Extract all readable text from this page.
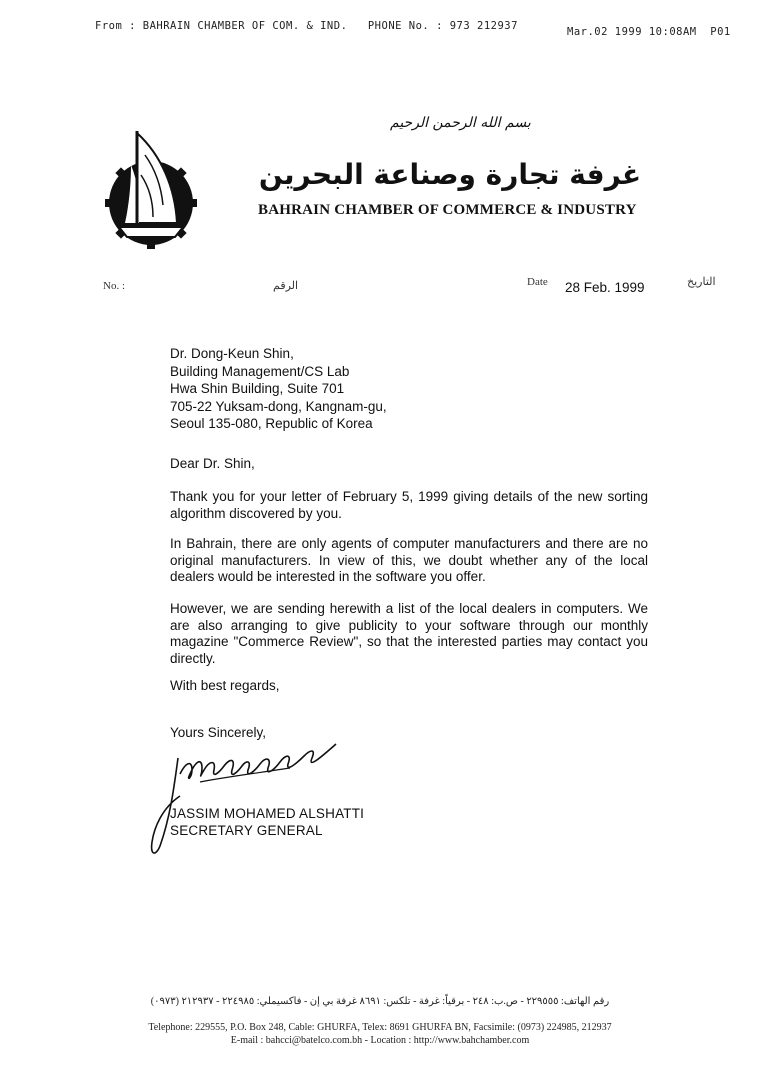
From : BAHRAIN CHAMBER OF COM. & IND.   PHONE No. : 973 212937	Mar.02 1999 10:08AM  P01
بسم الله الرحمن الرحيم
غرفة تجارة وصناعة البحرين
BAHRAIN CHAMBER OF COMMERCE & INDUSTRY
No. :	الرقم	Date 28 Feb. 1999	التاريخ
Dr. Dong-Keun Shin,
Building Management/CS Lab
Hwa Shin Building, Suite 701
705-22 Yuksam-dong, Kangnam-gu,
Seoul 135-080, Republic of Korea
Dear Dr. Shin,
Thank you for your letter of February 5, 1999 giving details of the new sorting algorithm discovered by you.
In Bahrain, there are only agents of computer manufacturers and there are no original manufacturers. In view of this, we doubt whether any of the local dealers would be interested in the software you offer.
However, we are sending herewith a list of the local dealers in computers. We are also arranging to give publicity to your software through our monthly magazine "Commerce Review", so that the interested parties may contact you directly.
With best regards,
Yours Sincerely,
JASSIM MOHAMED ALSHATTI
SECRETARY GENERAL
رقم الهاتف: ٢٢٩٥٥٥ - ص.ب: ٢٤٨ - برقياً: غرفة - تلكس: ٨٦٩١ غرفة بي إن - فاكسيملي: ٢٢٤٩٨٥ - ٢١٢٩٣٧ (٠٩٧٣)
Telephone: 229555, P.O. Box 248, Cable: GHURFA, Telex: 8691 GHURFA BN, Facsimile: (0973) 224985, 212937
E-mail : bahcci@batelco.com.bh - Location : http://www.bahchamber.com
